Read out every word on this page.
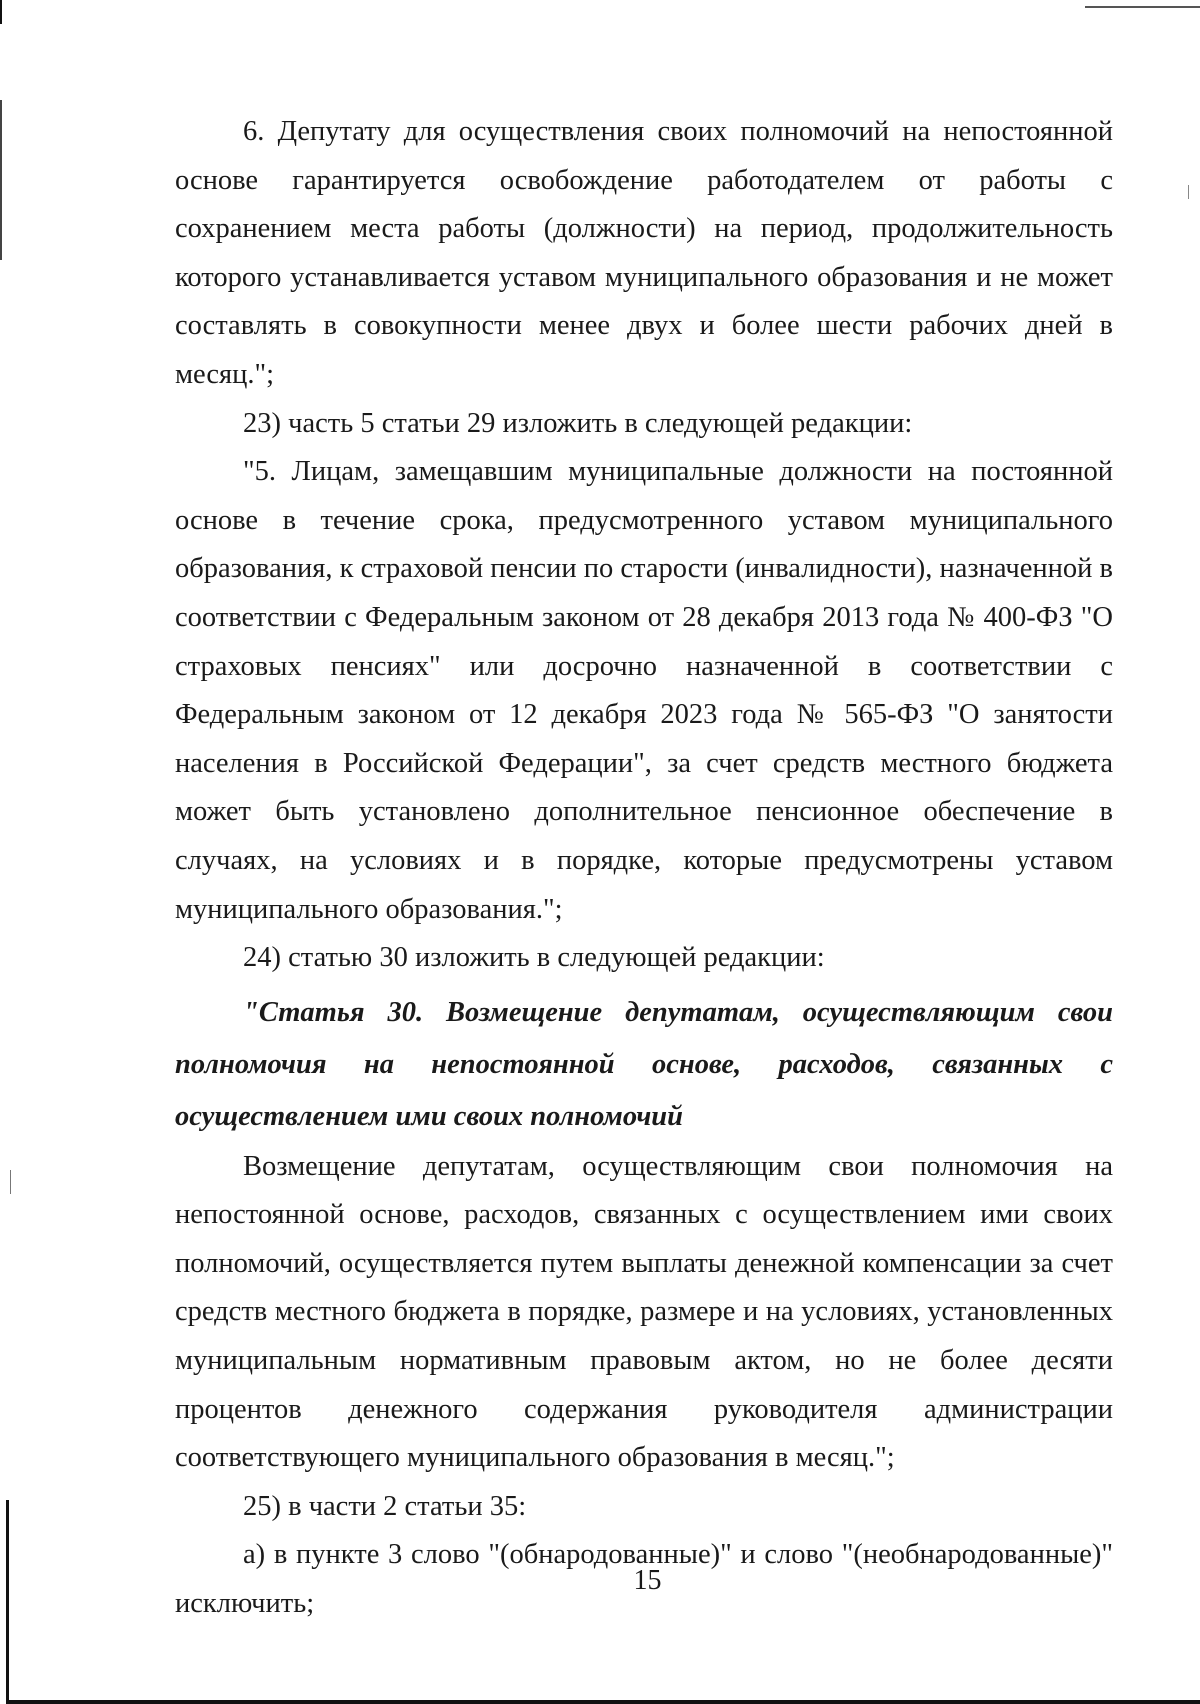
6. Депутату для осуществления своих полномочий на непостоянной основе гарантируется освобождение работодателем от работы с сохранением места работы (должности) на период, продолжительность которого устанавливается уставом муниципального образования и не может составлять в совокупности менее двух и более шести рабочих дней в месяц.";

23) часть 5 статьи 29 изложить в следующей редакции:

"5. Лицам, замещавшим муниципальные должности на постоянной основе в течение срока, предусмотренного уставом муниципального образования, к страховой пенсии по старости (инвалидности), назначенной в соответствии с Федеральным законом от 28 декабря 2013 года № 400-ФЗ "О страховых пенсиях" или досрочно назначенной в соответствии с Федеральным законом от 12 декабря 2023 года № 565-ФЗ "О занятости населения в Российской Федерации", за счет средств местного бюджета может быть установлено дополнительное пенсионное обеспечение в случаях, на условиях и в порядке, которые предусмотрены уставом муниципального образования.";

24) статью 30 изложить в следующей редакции:

"Статья 30. Возмещение депутатам, осуществляющим свои полномочия на непостоянной основе, расходов, связанных с осуществлением ими своих полномочий

Возмещение депутатам, осуществляющим свои полномочия на непостоянной основе, расходов, связанных с осуществлением ими своих полномочий, осуществляется путем выплаты денежной компенсации за счет средств местного бюджета в порядке, размере и на условиях, установленных муниципальным нормативным правовым актом, но не более десяти процентов денежного содержания руководителя администрации соответствующего муниципального образования в месяц.";

25) в части 2 статьи 35:

а) в пункте 3 слово "(обнародованные)" и слово "(необнародованные)" исключить;

15
